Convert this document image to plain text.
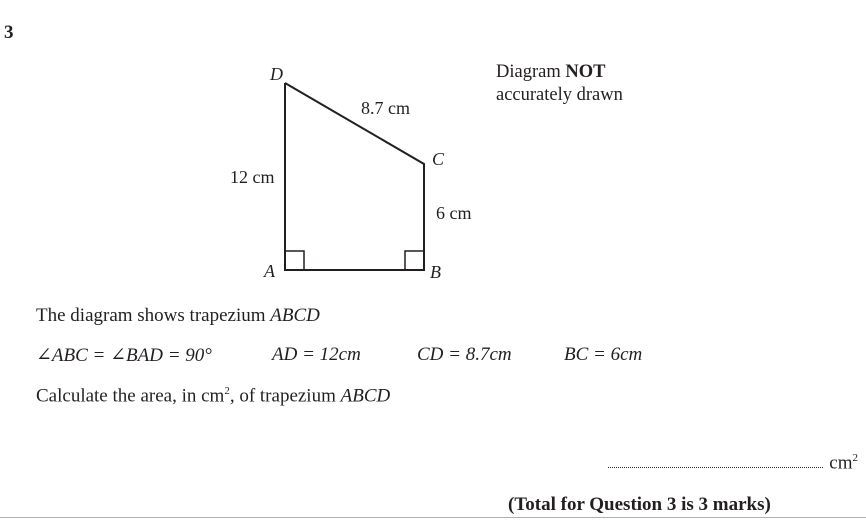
3
D
C
A	B
8.7 cm
12 cm
6 cm
Diagram NOT
accurately drawn
The diagram shows trapezium ABCD
∠ABC = ∠BAD = 90°	AD = 12cm	CD = 8.7cm	BC = 6cm
Calculate the area, in $cm^2$, of trapezium ABCD
$cm^2$
(Total for Question 3 is 3 marks)
